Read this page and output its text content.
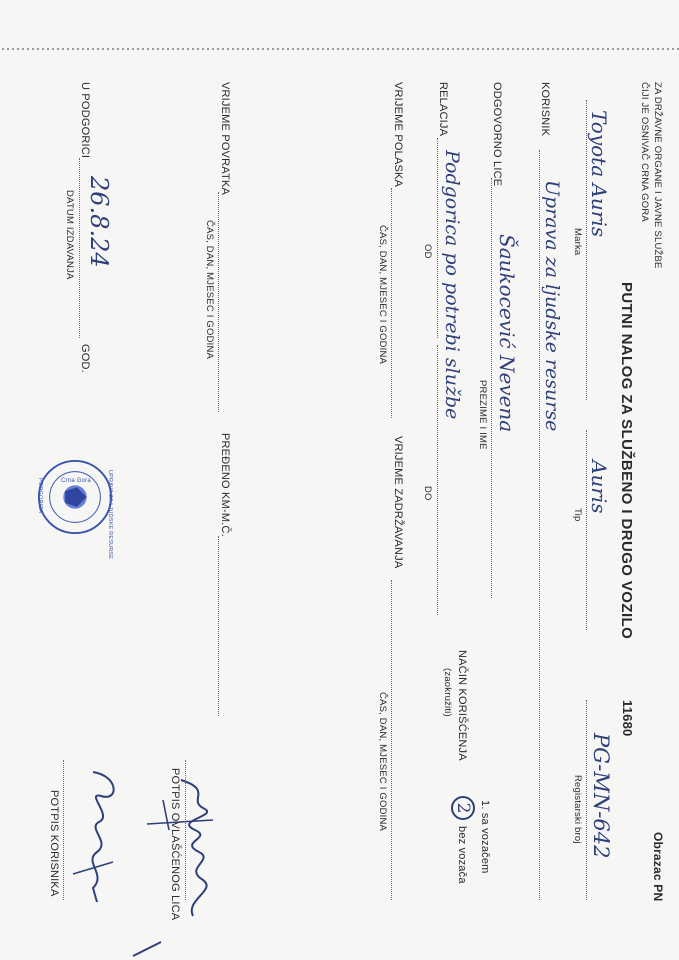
ZA DRŽAVNE ORGANE I JAVNE SLUŽBE
ČIJI JE OSNIVAČ CRNA GORA
Obrazac PN
PUTNI NALOG ZA SLUŽBENO I DRUGO VOZILO
11680
Toyota Auris
Marka
Auris
Tip
PG-MN-642
Registarski broj
KORISNIK
Uprava za ljudske resurse
ODGOVORNO LICE
Šaukocević Nevena
PREZIME I IME
NAČIN KORIŠĆENJA
(zaokružiti)
1. sa vozačem
2
bez vozača
RELACIJA
Podgorica po potrebi službe
OD
DO
VRIJEME POLASKA
ČAS, DAN, MJESEC I GODINA
VRIJEME ZADRŽAVANJA
ČAS, DAN, MJESEC I GODINA
POTPIS OVLAŠĆENOG LICA
VRIJEME POVRATKA
ČAS, DAN, MJESEC I GODINA
PREĐENO KM-M.Č.
U PODGORICI
26.8.24
GOD.
DATUM IZDAVANJA
Crna Gora	UPRAVA ZA LJUDSKE RESURSE
PODGORICA
POTPIS KORISNIKA
